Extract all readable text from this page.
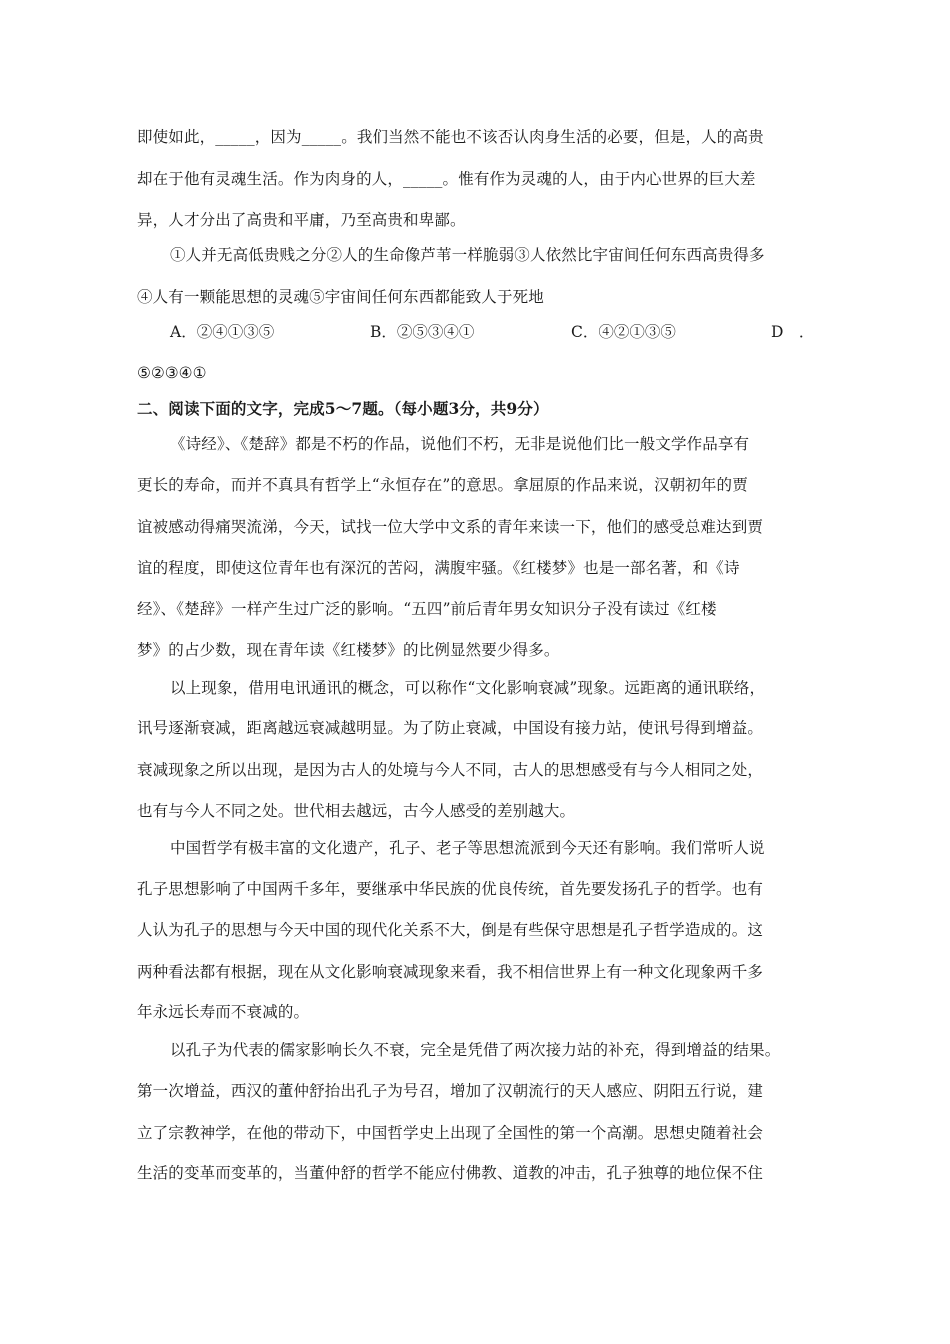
即使如此，_____，因为_____。我们当然不能也不该否认肉身生活的必要，但是，人的高贵
却在于他有灵魂生活。作为肉身的人，_____。惟有作为灵魂的人，由于内心世界的巨大差
异，人才分出了高贵和平庸，乃至高贵和卑鄙。
①人并无高低贵贱之分②人的生命像芦苇一样脆弱③人依然比宇宙间任何东西高贵得多
④人有一颗能思想的灵魂⑤宇宙间任何东西都能致人于死地
A．②④①③⑤	B．②⑤③④①	C．④②①③⑤	D　．
⑤②③④①
二、阅读下面的文字，完成5～7题。（每小题3分，共9分）
《诗经》、《楚辞》都是不朽的作品，说他们不朽，无非是说他们比一般文学作品享有
更长的寿命，而并不真具有哲学上“永恒存在”的意思。拿屈原的作品来说，汉朝初年的贾
谊被感动得痛哭流涕，今天，试找一位大学中文系的青年来读一下，他们的感受总难达到贾
谊的程度，即使这位青年也有深沉的苦闷，满腹牢骚。《红楼梦》也是一部名著，和《诗
经》、《楚辞》一样产生过广泛的影响。“五四”前后青年男女知识分子没有读过《红楼
梦》的占少数，现在青年读《红楼梦》的比例显然要少得多。
以上现象，借用电讯通讯的概念，可以称作“文化影响衰减”现象。远距离的通讯联络，
讯号逐渐衰减，距离越远衰减越明显。为了防止衰减，中国设有接力站，使讯号得到增益。
衰减现象之所以出现，是因为古人的处境与今人不同，古人的思想感受有与今人相同之处，
也有与今人不同之处。世代相去越远，古今人感受的差别越大。
中国哲学有极丰富的文化遗产，孔子、老子等思想流派到今天还有影响。我们常听人说
孔子思想影响了中国两千多年，要继承中华民族的优良传统，首先要发扬孔子的哲学。也有
人认为孔子的思想与今天中国的现代化关系不大，倒是有些保守思想是孔子哲学造成的。这
两种看法都有根据，现在从文化影响衰减现象来看，我不相信世界上有一种文化现象两千多
年永远长寿而不衰减的。
以孔子为代表的儒家影响长久不衰，完全是凭借了两次接力站的补充，得到增益的结果。
第一次增益，西汉的董仲舒抬出孔子为号召，增加了汉朝流行的天人感应、阴阳五行说，建
立了宗教神学，在他的带动下，中国哲学史上出现了全国性的第一个高潮。思想史随着社会
生活的变革而变革的，当董仲舒的哲学不能应付佛教、道教的冲击，孔子独尊的地位保不住
